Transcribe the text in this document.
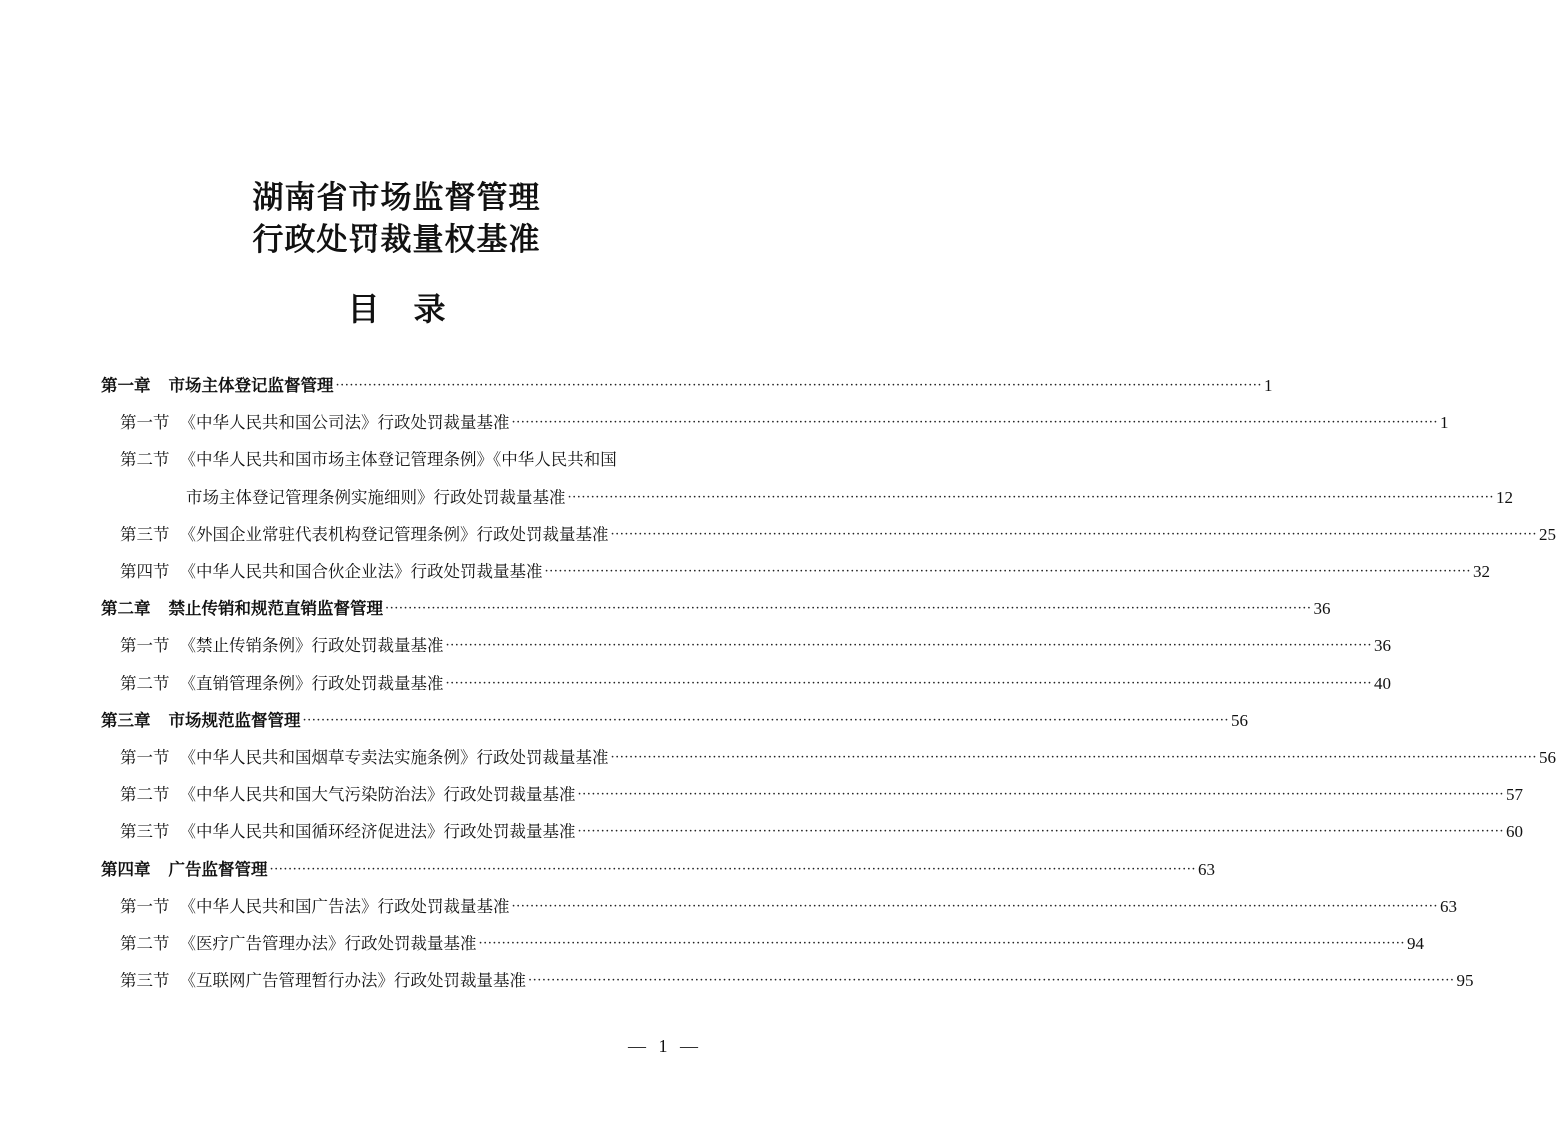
湖南省市场监督管理
行政处罚裁量权基准
目录
第一章 市场主体登记监督管理 ········································································································································································································ 1
第一节 《中华人民共和国公司法》行政处罚裁量基准 ········································································································································································································ 1
第二节 《中华人民共和国市场主体登记管理条例》《中华人民共和国
市场主体登记管理条例实施细则》行政处罚裁量基准 ········································································································································································································ 12
第三节 《外国企业常驻代表机构登记管理条例》行政处罚裁量基准 ········································································································································································································ 25
第四节 《中华人民共和国合伙企业法》行政处罚裁量基准 ········································································································································································································ 32
第二章 禁止传销和规范直销监督管理 ········································································································································································································ 36
第一节 《禁止传销条例》行政处罚裁量基准 ········································································································································································································ 36
第二节 《直销管理条例》行政处罚裁量基准 ········································································································································································································ 40
第三章 市场规范监督管理 ········································································································································································································ 56
第一节 《中华人民共和国烟草专卖法实施条例》行政处罚裁量基准 ········································································································································································································ 56
第二节 《中华人民共和国大气污染防治法》行政处罚裁量基准 ········································································································································································································ 57
第三节 《中华人民共和国循环经济促进法》行政处罚裁量基准 ········································································································································································································ 60
第四章 广告监督管理 ········································································································································································································ 63
第一节 《中华人民共和国广告法》行政处罚裁量基准 ········································································································································································································ 63
第二节 《医疗广告管理办法》行政处罚裁量基准 ········································································································································································································ 94
第三节 《互联网广告管理暂行办法》行政处罚裁量基准 ········································································································································································································ 95
— 1 —
